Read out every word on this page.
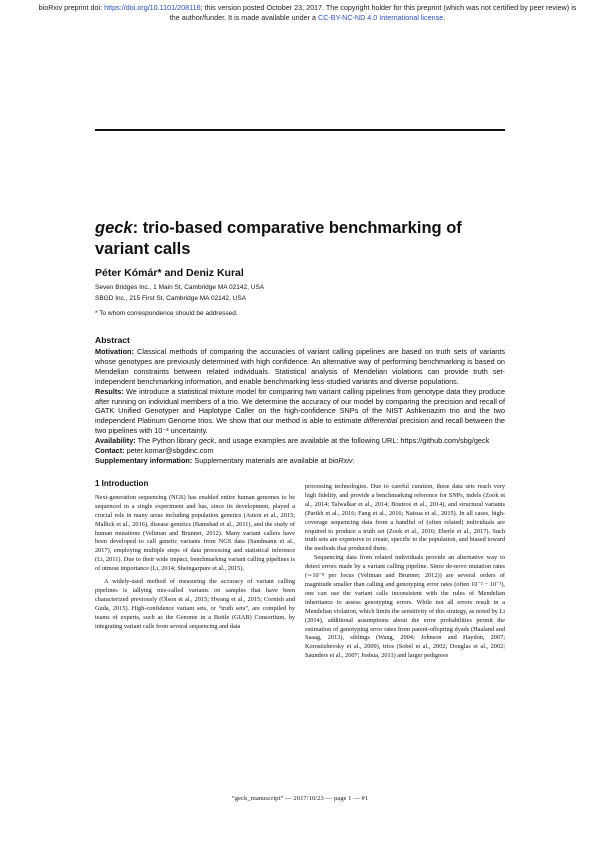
bioRxiv preprint doi: https://doi.org/10.1101/208116; this version posted October 23, 2017. The copyright holder for this preprint (which was not certified by peer review) is
the author/funder. It is made available under a CC-BY-NC-ND 4.0 International license.
geck: trio-based comparative benchmarking of
variant calls
Péter Kómár* and Deniz Kural
Seven Bridges Inc., 1 Main St, Cambridge MA 02142, USA
SBGD Inc., 215 First St, Cambridge MA 02142, USA
* To whom correspondence should be addressed.
Abstract

Motivation: Classical methods of comparing the accuracies of variant calling pipelines are based on truth sets of variants whose genotypes are previously determined with high confidence. An alternative way of performing benchmarking is based on Mendelian constraints between related individuals. Statistical analysis of Mendelian violations can provide truth set-independent benchmarking information, and enable benchmarking less-studied variants and diverse populations.

Results: We introduce a statistical mixture model for comparing two variant calling pipelines from genotype data they produce after running on individual members of a trio. We determine the accuracy of our model by comparing the precision and recall of GATK Unified Genotyper and Haplotype Caller on the high-confidence SNPs of the NIST Ashkenazim trio and the two independent Platinum Genome trios. We show that our method is able to estimate differential precision and recall between the two pipelines with 10⁻³ uncertainty.

Availability: The Python library geck, and usage examples are available at the following URL: https://github.com/sbg/geck

Contact: peter.komar@sbgdinc.com

Supplementary information: Supplementary materials are available at bioRxiv.

1 Introduction

Next-generation sequencing (NGS) has enabled entire human genomes to be sequenced in a single experiment and has, since its development, played a crucial role in many areas including population genetics (Auton et al., 2015; Mallick et al., 2016), disease genetics (Bamshad et al., 2011), and the study of human mutations (Veltman and Brunner, 2012). Many variant callers have been developed to call genetic variants from NGS data (Sandmann et al., 2017), employing multiple steps of data processing and statistical inference (Li, 2011). Due to their wide impact, benchmarking variant calling pipelines is of utmost importance (Li, 2014; Sheingarpure et al., 2015).

A widely-used method of measuring the accuracy of variant calling pipelines is tallying mis-called variants on samples that have been characterized previously (Olson et al., 2015; Hwang et al., 2015; Cornish and Guda, 2015). High-confidence variant sets, or “truth sets”, are compiled by teams of experts, such as the Genome in a Bottle (GIAB) Consortium, by integrating variant calls from several sequencing and data

processing technologies. Due to careful curation, these data sets reach very high fidelity, and provide a benchmarking reference for SNPs, indels (Zook et al., 2014; Talwalkar et al., 2014; Boutros et al., 2014), and structural variants (Parikh et al., 2016; Fang et al., 2016; Natsua et al., 2015). In all cases, high-coverage sequencing data from a handful of (often related) individuals are required to produce a truth set (Zook et al., 2016; Eberle et al., 2017). Such truth sets are expensive to create, specific to the population, and biased toward the methods that produced them.

Sequencing data from related individuals provide an alternative way to detect errors made by a variant calling pipeline. Since de-novo mutation rates (∼10⁻⁸ per locus (Veltman and Brunner, 2012)) are several orders of magnitude smaller than calling and genotyping error rates (often 10⁻² − 10⁻³), one can use the variant calls inconsistent with the rules of Mendelian inheritance to assess genotyping errors. While not all errors result in a Mendelian violation, which limits the sensitivity of this strategy, as noted by Li (2014), additional assumptions about the error probabilities permit the estimation of genotyping error rates from parent-offspring dyads (Haaland and Saaag, 2013), siblings (Wang, 2004; Johnson and Haydon, 2007; Korostishevsky et al., 2009), trios (Sobel et al., 2002; Douglas et al., 2002; Saunders et al., 2007; Joshua, 2011) and larger pedigrees

“geck_manuscript” — 2017/10/23 — page 1 — #1
